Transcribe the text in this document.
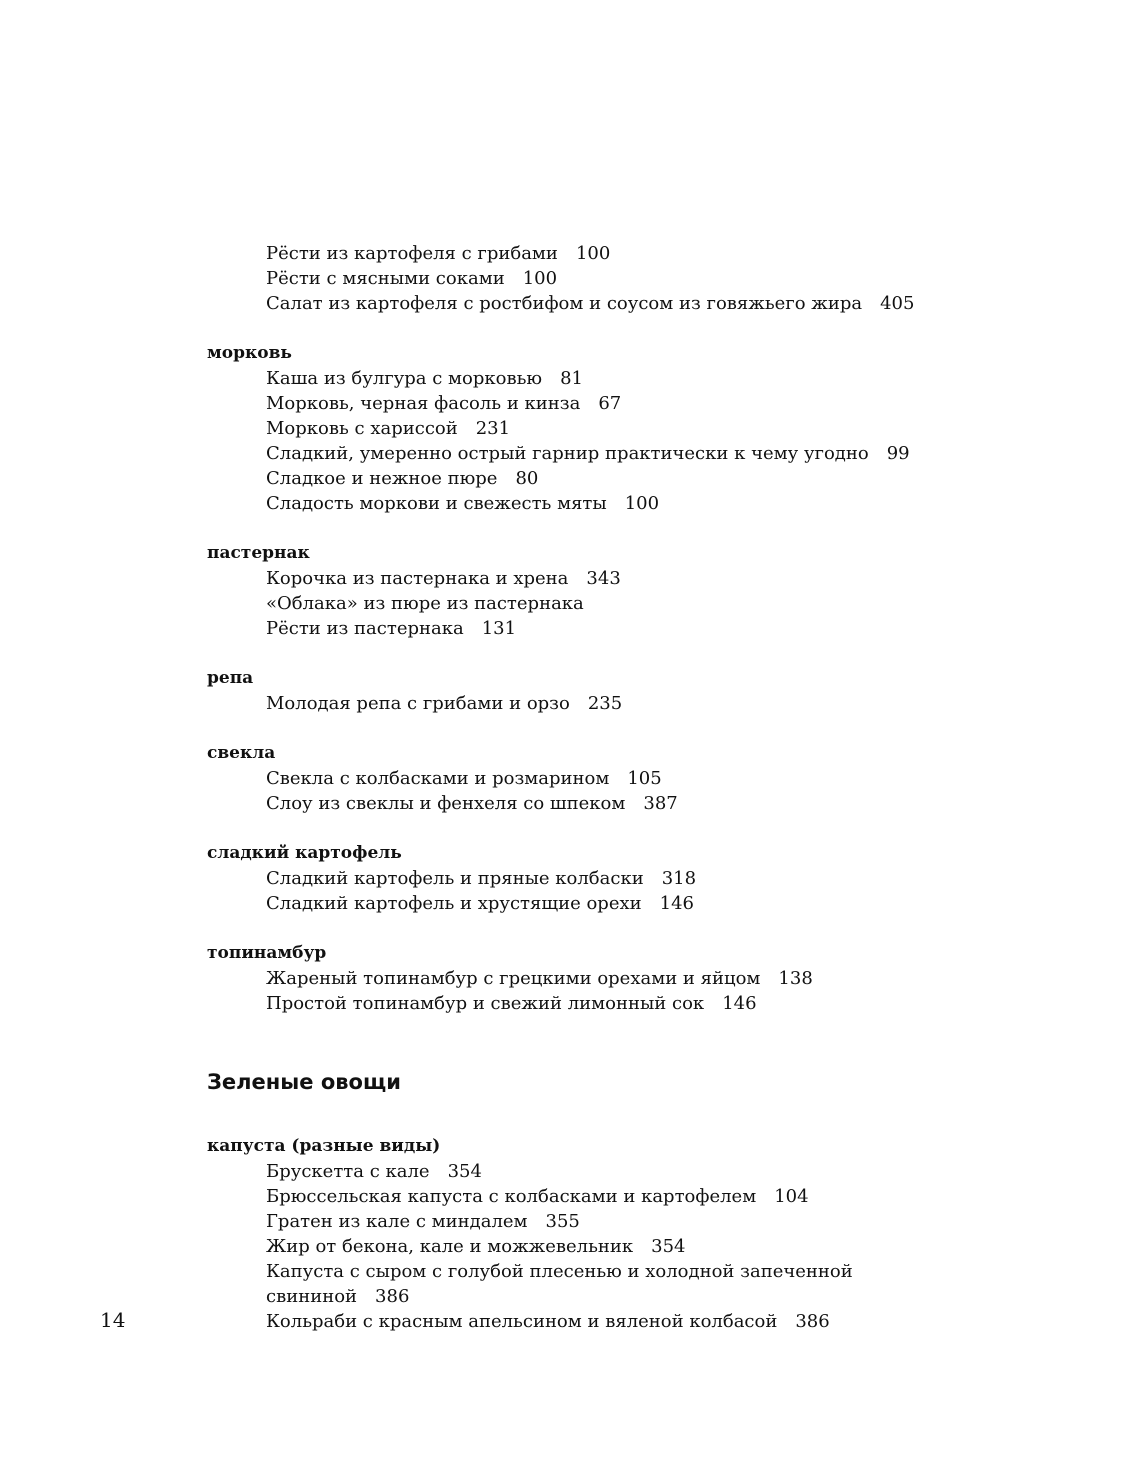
Рёсти из картофеля с грибами 100
Рёсти с мясными соками 100
Салат из картофеля с ростбифом и соусом из говяжьего жира 405
морковь
Каша из булгура с морковью 81
Морковь, черная фасоль и кинза 67
Морковь с хариссой 231
Сладкий, умеренно острый гарнир практически к чему угодно 99
Сладкое и нежное пюре 80
Сладость моркови и свежесть мяты 100
пастернак
Корочка из пастернака и хрена 343
«Облака» из пюре из пастернака
Рёсти из пастернака 131
репа
Молодая репа с грибами и орзо 235
свекла
Свекла с колбасками и розмарином 105
Слоу из свеклы и фенхеля со шпеком 387
сладкий картофель
Сладкий картофель и пряные колбаски 318
Сладкий картофель и хрустящие орехи 146
топинамбур
Жареный топинамбур с грецкими орехами и яйцом 138
Простой топинамбур и свежий лимонный сок 146
Зеленые овощи
капуста (разные виды)
Брускетта с кале 354
Брюссельская капуста с колбасками и картофелем 104
Гратен из кале с миндалем 355
Жир от бекона, кале и можжевельник 354
Капуста с сыром с голубой плесенью и холодной запеченной
свининой 386
Кольраби с красным апельсином и вяленой колбасой 386
14
